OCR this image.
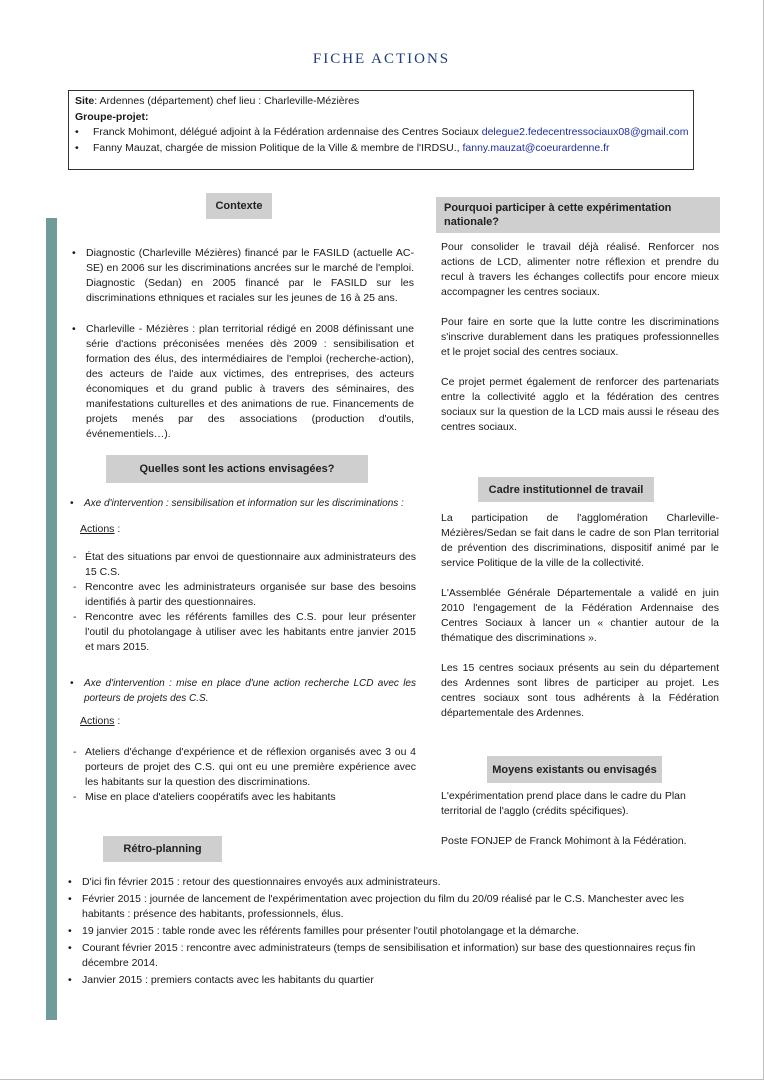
FICHE ACTIONS
Site: Ardennes (département) chef lieu : Charleville-Mézières
Groupe-projet:
• Franck Mohimont, délégué adjoint à la Fédération ardennaise des Centres Sociaux delegue2.fedecentressociaux08@gmail.com
• Fanny Mauzat, chargée de mission Politique de la Ville & membre de l'IRDSU., fanny.mauzat@coeurardenne.fr
Contexte

• Diagnostic (Charleville Mézières) financé par le FASILD (actuelle AC-SE) en 2006 sur les discriminations ancrées sur le marché de l'emploi. Diagnostic (Sedan) en 2005 financé par le FASILD sur les discriminations ethniques et raciales sur les jeunes de 16 à 25 ans.

• Charleville - Mézières : plan territorial rédigé en 2008 définissant une série d'actions préconisées menées dès 2009 : sensibilisation et formation des élus, des intermédiaires de l'emploi (recherche-action), des acteurs de l'aide aux victimes, des entreprises, des acteurs économiques et du grand public à travers des séminaires, des manifestations culturelles et des animations de rue. Financements de projets menés par des associations (production d'outils, événementiels…).

Quelles sont les actions envisagées?

• Axe d'intervention : sensibilisation et information sur les discriminations :

Actions :

- État des situations par envoi de questionnaire aux administrateurs des 15 C.S.

- Rencontre avec les administrateurs organisée sur base des besoins identifiés à partir des questionnaires.

- Rencontre avec les référents familles des C.S. pour leur présenter l'outil du photolangage à utiliser avec les habitants entre janvier 2015 et mars 2015.

• Axe d'intervention : mise en place d'une action recherche LCD avec les porteurs de projets des C.S.

Actions :

- Ateliers d'échange d'expérience et de réflexion organisés avec 3 ou 4 porteurs de projet des C.S. qui ont eu une première expérience avec les habitants sur la question des discriminations.

- Mise en place d'ateliers coopératifs avec les habitants

Rétro-planning
Pourquoi participer à cette expérimentation nationale?

Pour consolider le travail déjà réalisé. Renforcer nos actions de LCD, alimenter notre réflexion et prendre du recul à travers les échanges collectifs pour encore mieux accompagner les centres sociaux.

Pour faire en sorte que la lutte contre les discriminations s'inscrive durablement dans les pratiques professionnelles et le projet social des centres sociaux.

Ce projet permet également de renforcer des partenariats entre la collectivité agglo et la fédération des centres sociaux sur la question de la LCD mais aussi le réseau des centres sociaux.

Cadre institutionnel de travail

La participation de l'agglomération Charleville-Mézières/Sedan se fait dans le cadre de son Plan territorial de prévention des discriminations, dispositif animé par le service Politique de la ville de la collectivité.

L'Assemblée Générale Départementale a validé en juin 2010 l'engagement de la Fédération Ardennaise des Centres Sociaux à lancer un « chantier autour de la thématique des discriminations ».

Les 15 centres sociaux présents au sein du département des Ardennes sont libres de participer au projet. Les centres sociaux sont tous adhérents à la Fédération départementale des Ardennes.

Moyens existants ou envisagés

L'expérimentation prend place dans le cadre du Plan territorial de l'agglo (crédits spécifiques).

Poste FONJEP de Franck Mohimont à la Fédération.

• D'ici fin février 2015 : retour des questionnaires envoyés aux administrateurs.

• Février 2015 : journée de lancement de l'expérimentation avec projection du film du 20/09 réalisé par le C.S. Manchester avec les habitants : présence des habitants, professionnels, élus.

• 19 janvier 2015 : table ronde avec les référents familles pour présenter l'outil photolangage et la démarche.

• Courant février 2015 : rencontre avec administrateurs (temps de sensibilisation et information) sur base des questionnaires reçus fin décembre 2014.

• Janvier 2015 : premiers contacts avec les habitants du quartier
